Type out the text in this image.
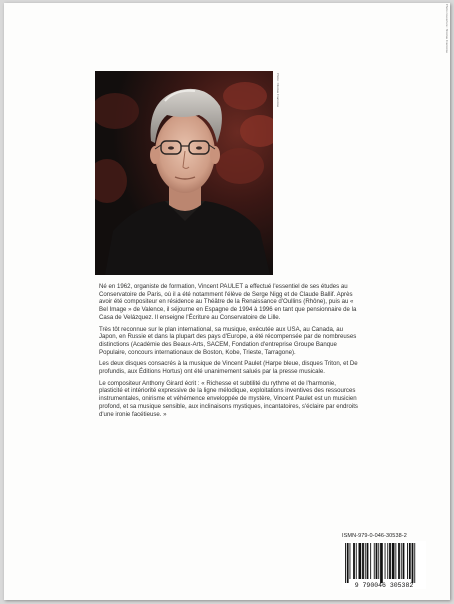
Photo couverture : Nicolas Francoise
Photo : Nicolas Francoise

Né en 1962, organiste de formation, Vincent PAULET a effectué l'essentiel de ses études au Conservatoire de Paris, où il a été notamment l'élève de Serge Nigg et de Claude Ballif. Après avoir été compositeur en résidence au Théâtre de la Renaissance d'Oullins (Rhône), puis au « Bel Image » de Valence, il séjourne en Espagne de 1994 à 1996 en tant que pensionnaire de la Casa de Velázquez. Il enseigne l'Écriture au Conservatoire de Lille.

Très tôt reconnue sur le plan international, sa musique, exécutée aux USA, au Canada, au Japon, en Russie et dans la plupart des pays d'Europe, a été récompensée par de nombreuses distinctions (Académie des Beaux-Arts, SACEM, Fondation d'entreprise Groupe Banque Populaire, concours internationaux de Boston, Kobe, Trieste, Tarragone).

Les deux disques consacrés à la musique de Vincent Paulet (Harpe bleue, disques Triton, et De profundis, aux Éditions Hortus) ont été unanimement salués par la presse musicale.

Le compositeur Anthony Girard écrit : « Richesse et subtilité du rythme et de l'harmonie, plasticité et intériorité expressive de la ligne mélodique, exploitations inventives des ressources instrumentales, onirisme et véhémence enveloppée de mystère, Vincent Paulet est un musicien profond, et sa musique sensible, aux inclinaisons mystiques, incantatoires, s'éclaire par endroits d'une ironie facétieuse. »

ISMN-979-0-046-30538-2
9 790046 305382
